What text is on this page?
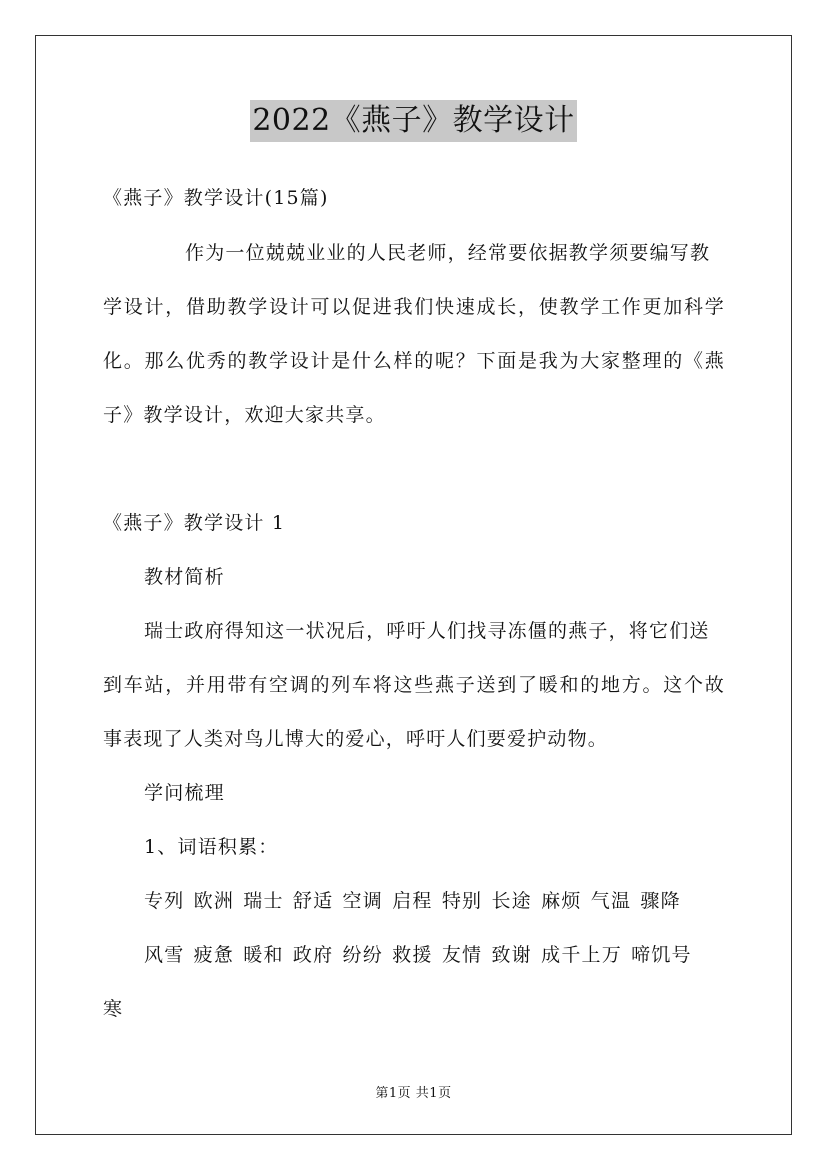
2022《燕子》教学设计
《燕子》教学设计(15篇)
作为一位兢兢业业的人民老师，经常要依据教学须要编写教
学设计，借助教学设计可以促进我们快速成长，使教学工作更加科学
化。那么优秀的教学设计是什么样的呢？下面是我为大家整理的《燕
子》教学设计，欢迎大家共享。
《燕子》教学设计 1
教材简析
瑞士政府得知这一状况后，呼吁人们找寻冻僵的燕子，将它们送
到车站，并用带有空调的列车将这些燕子送到了暖和的地方。这个故
事表现了人类对鸟儿博大的爱心，呼吁人们要爱护动物。
学问梳理
1、词语积累：
专列 欧洲 瑞士 舒适 空调 启程 特别 长途 麻烦 气温 骤降
风雪 疲惫 暖和 政府 纷纷 救援 友情 致谢 成千上万 啼饥号
寒
第1页 共1页
